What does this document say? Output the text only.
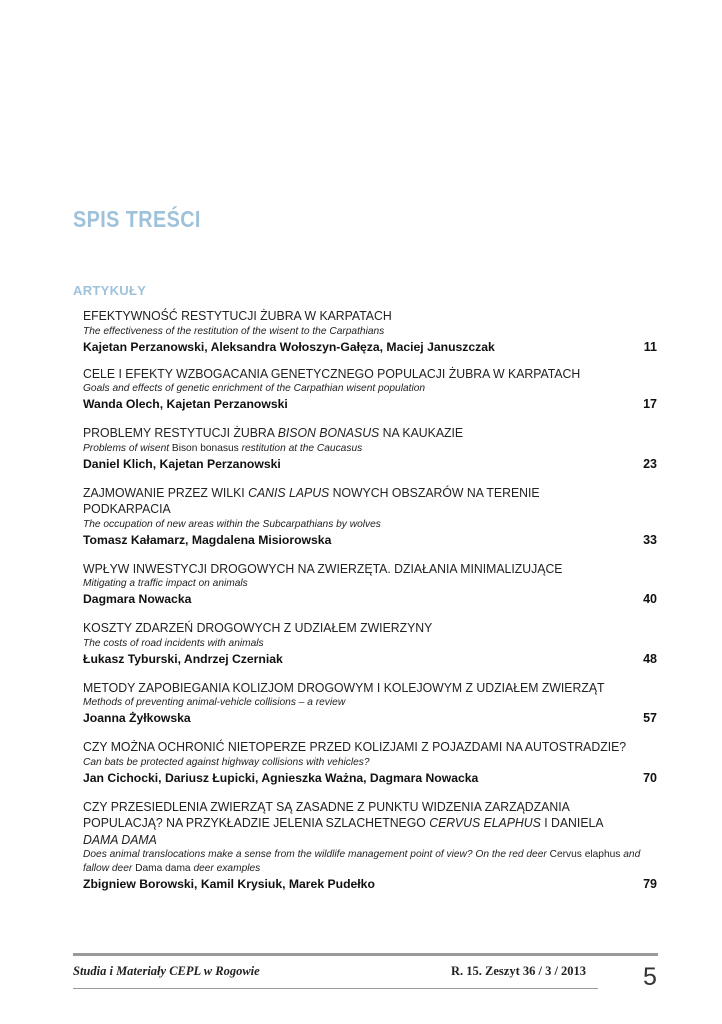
SPIS TREŚCI
ARTYKUŁY
EFEKTYWNOŚĆ RESTYTUCJI ŻUBRA W KARPATACH
The effectiveness of the restitution of the wisent to the Carpathians
Kajetan Perzanowski, Aleksandra Wołoszyn-Gałęza, Maciej Januszczak	11
CELE I EFEKTY WZBOGACANIA GENETYCZNEGO POPULACJI ŻUBRA W KARPATACH
Goals and effects of genetic enrichment of the Carpathian wisent population
Wanda Olech, Kajetan Perzanowski	17
PROBLEMY RESTYTUCJI ŻUBRA BISON BONASUS NA KAUKAZIE
Problems of wisent Bison bonasus restitution at the Caucasus
Daniel Klich, Kajetan Perzanowski	23
ZAJMOWANIE PRZEZ WILKI CANIS LAPUS NOWYCH OBSZARÓW NA TERENIE PODKARPACIA
The occupation of new areas within the Subcarpathians by wolves
Tomasz Kałamarz, Magdalena Misiorowska	33
WPŁYW INWESTYCJI DROGOWYCH NA ZWIERZĘTA. DZIAŁANIA MINIMALIZUJĄCE
Mitigating a traffic impact on animals
Dagmara Nowacka	40
KOSZTY ZDARZEŃ DROGOWYCH Z UDZIAŁEM ZWIERZYNY
The costs of road incidents with animals
Łukasz Tyburski, Andrzej Czerniak	48
METODY ZAPOBIEGANIA KOLIZJOM DROGOWYM I KOLEJOWYM Z UDZIAŁEM ZWIERZĄT
Methods of preventing animal-vehicle collisions – a review
Joanna Żyłkowska	57
CZY MOŻNA OCHRONIĆ NIETOPERZE PRZED KOLIZJAMI Z POJAZDAMI NA AUTOSTRADZIE?
Can bats be protected against highway collisions with vehicles?
Jan Cichocki, Dariusz Łupicki, Agnieszka Ważna, Dagmara Nowacka	70
CZY PRZESIEDLENIA ZWIERZĄT SĄ ZASADNE Z PUNKTU WIDZENIA ZARZĄDZANIA POPULACJĄ? NA PRZYKŁADZIE JELENIA SZLACHETNEGO CERVUS ELAPHUS I DANIELA DAMA DAMA
Does animal translocations make a sense from the wildlife management point of view? On the red deer Cervus elaphus and fallow deer Dama dama deer examples
Zbigniew Borowski, Kamil Krysiuk, Marek Pudełko	79
Studia i Materiały CEPL w Rogowie	R. 15. Zeszyt 36 / 3 / 2013 5
